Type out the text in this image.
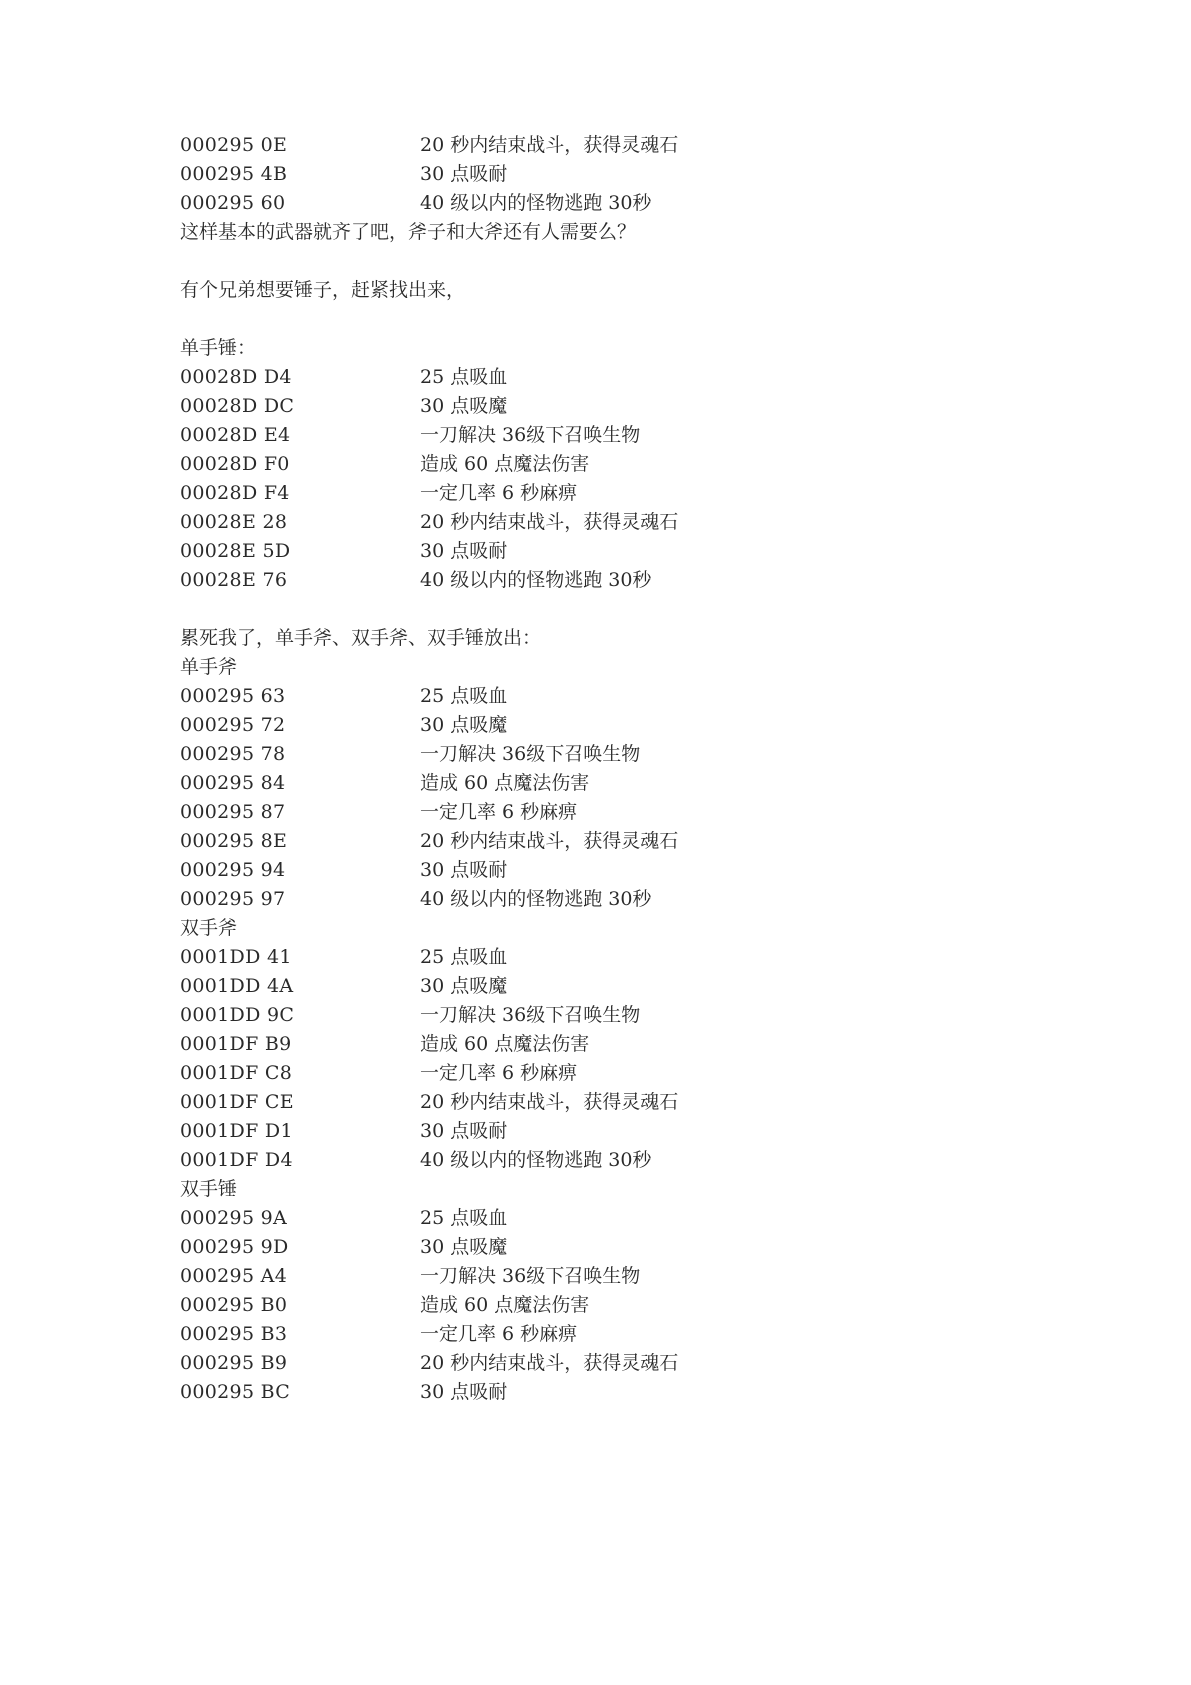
000295 0E	20 秒内结束战斗，获得灵魂石
000295 4B	30 点吸耐
000295 60	40 级以内的怪物逃跑 30秒
这样基本的武器就齐了吧，斧子和大斧还有人需要么？
有个兄弟想要锤子，赶紧找出来，
单手锤：
00028D D4	25 点吸血
00028D DC	30 点吸魔
00028D E4	一刀解决 36级下召唤生物
00028D F0	造成 60 点魔法伤害
00028D F4	一定几率 6 秒麻痹
00028E 28	20 秒内结束战斗，获得灵魂石
00028E 5D	30 点吸耐
00028E 76	40 级以内的怪物逃跑 30秒
累死我了，单手斧、双手斧、双手锤放出：
单手斧
000295 63	25 点吸血
000295 72	30 点吸魔
000295 78	一刀解决 36级下召唤生物
000295 84	造成 60 点魔法伤害
000295 87	一定几率 6 秒麻痹
000295 8E	20 秒内结束战斗，获得灵魂石
000295 94	30 点吸耐
000295 97	40 级以内的怪物逃跑 30秒
双手斧
0001DD 41	25 点吸血
0001DD 4A	30 点吸魔
0001DD 9C	一刀解决 36级下召唤生物
0001DF B9	造成 60 点魔法伤害
0001DF C8	一定几率 6 秒麻痹
0001DF CE	20 秒内结束战斗，获得灵魂石
0001DF D1	30 点吸耐
0001DF D4	40 级以内的怪物逃跑 30秒
双手锤
000295 9A	25 点吸血
000295 9D	30 点吸魔
000295 A4	一刀解决 36级下召唤生物
000295 B0	造成 60 点魔法伤害
000295 B3	一定几率 6 秒麻痹
000295 B9	20 秒内结束战斗，获得灵魂石
000295 BC	30 点吸耐
